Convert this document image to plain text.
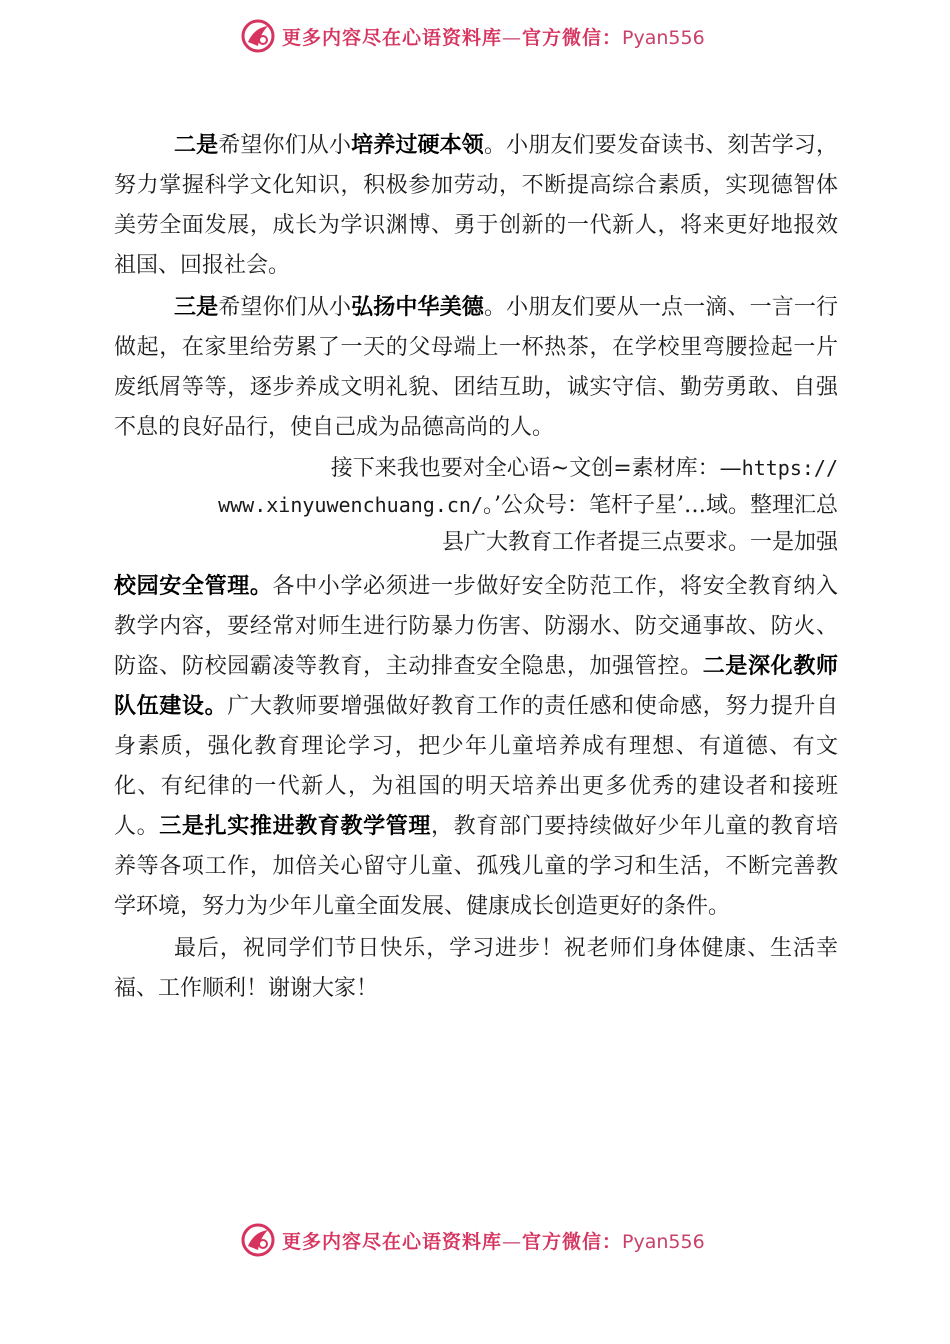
更多内容尽在心语资料库—官方微信：Pyan556

二是希望你们从小培养过硬本领。小朋友们要发奋读书、刻苦学习，努力掌握科学文化知识，积极参加劳动，不断提高综合素质，实现德智体美劳全面发展，成长为学识渊博、勇于创新的一代新人，将来更好地报效祖国、回报社会。

三是希望你们从小弘扬中华美德。小朋友们要从一点一滴、一言一行做起，在家里给劳累了一天的父母端上一杯热茶，在学校里弯腰捡起一片废纸屑等等，逐步养成文明礼貌、团结互助，诚实守信、勤劳勇敢、自强不息的良好品行，使自己成为品德高尚的人。

接下来我也要对全心语~文创=素材库：—https://

www.xinyuwenchuang.cn/。’公众号：笔杆子星’…域。整理汇总

县广大教育工作者提三点要求。一是加强

校园安全管理。各中小学必须进一步做好安全防范工作，将安全教育纳入教学内容，要经常对师生进行防暴力伤害、防溺水、防交通事故、防火、防盗、防校园霸凌等教育，主动排查安全隐患，加强管控。二是深化教师队伍建设。广大教师要增强做好教育工作的责任感和使命感，努力提升自身素质，强化教育理论学习，把少年儿童培养成有理想、有道德、有文化、有纪律的一代新人，为祖国的明天培养出更多优秀的建设者和接班人。三是扎实推进教育教学管理，教育部门要持续做好少年儿童的教育培养等各项工作，加倍关心留守儿童、孤残儿童的学习和生活，不断完善教学环境，努力为少年儿童全面发展、健康成长创造更好的条件。

最后，祝同学们节日快乐，学习进步！祝老师们身体健康、生活幸福、工作顺利！谢谢大家！

更多内容尽在心语资料库—官方微信：Pyan556
